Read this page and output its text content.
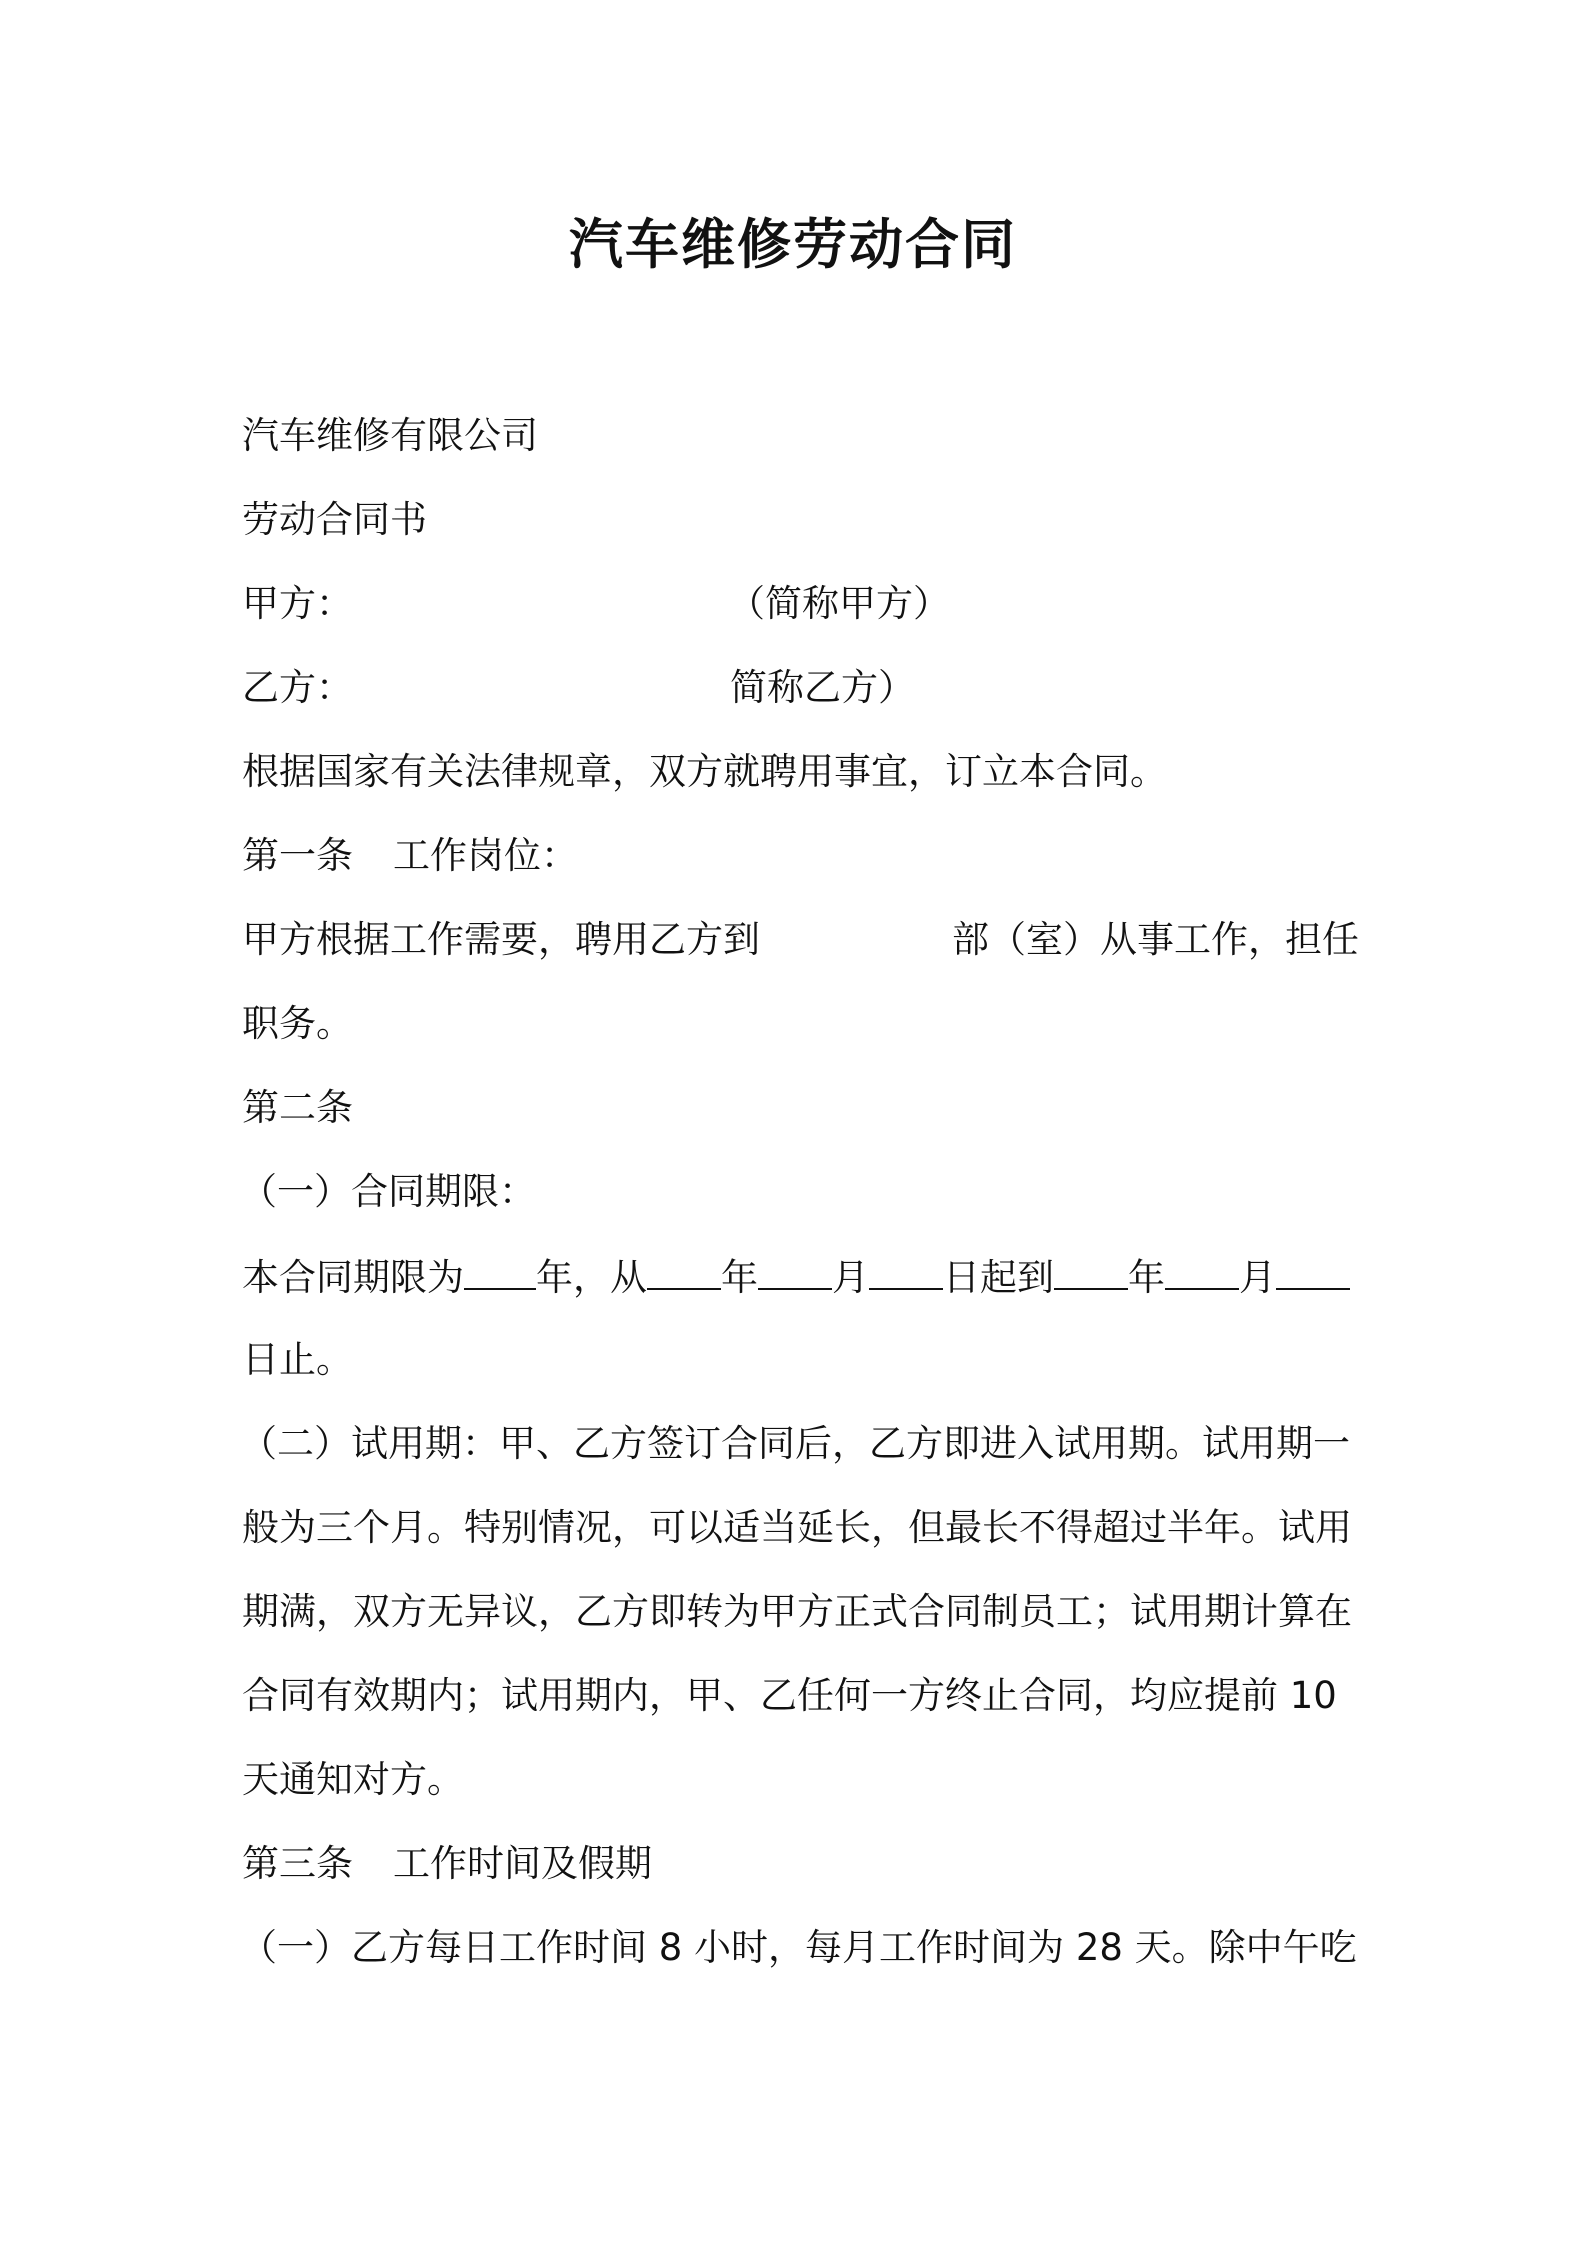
汽车维修劳动合同
汽车维修有限公司
劳动合同书
甲方：	（简称甲方）
乙方：	简称乙方）
根据国家有关法律规章，双方就聘用事宜，订立本合同。
第一条 工作岗位：
甲方根据工作需要，聘用乙方到	部（室）从事工作，担任
职务。
第二条
（一）合同期限：
本合同期限为 年，从 年 月 日起到 年 月
日止。
（二）试用期：甲、乙方签订合同后，乙方即进入试用期。试用期一
般为三个月。特别情况，可以适当延长，但最长不得超过半年。试用
期满，双方无异议，乙方即转为甲方正式合同制员工；试用期计算在
合同有效期内；试用期内，甲、乙任何一方终止合同，均应提前 10
天通知对方。
第三条 工作时间及假期
（一）乙方每日工作时间 8 小时，每月工作时间为 28 天。除中午吃
